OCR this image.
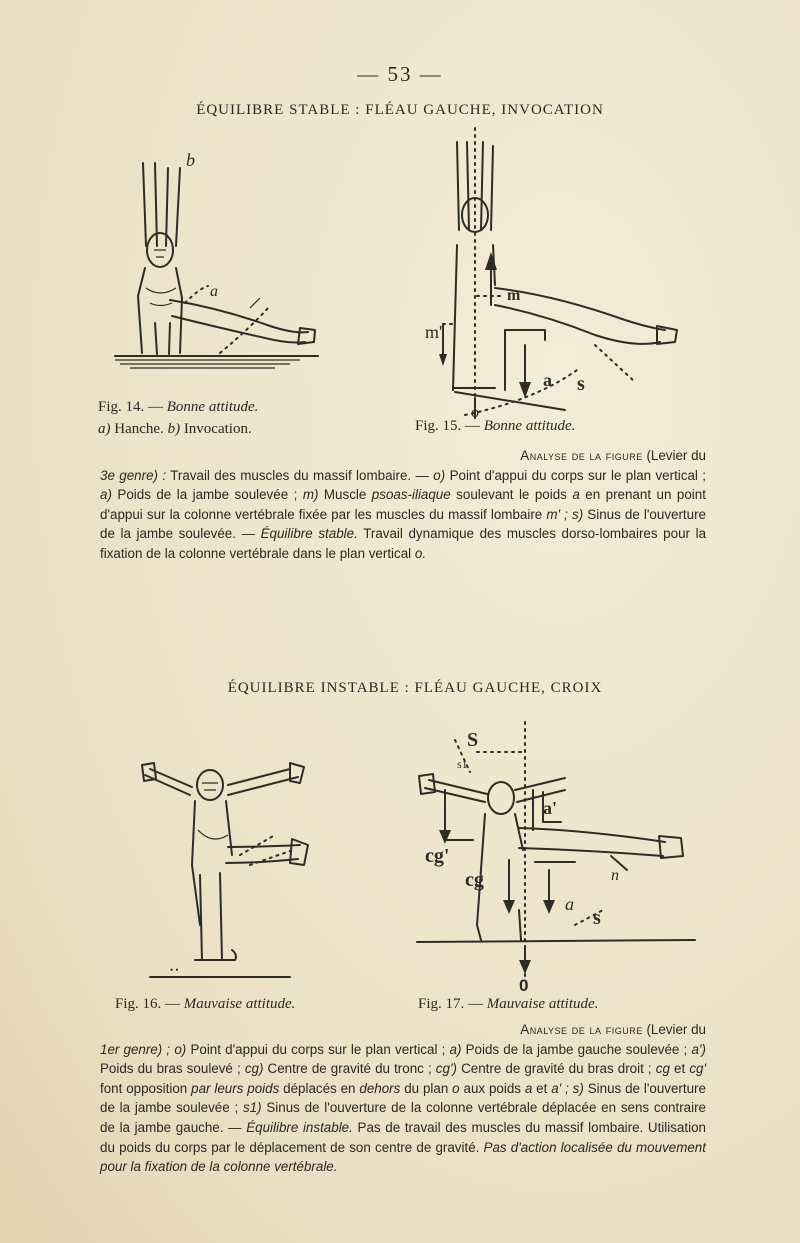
— 53 —
ÉQUILIBRE STABLE : FLÉAU GAUCHE, INVOCATION
a
b
Fig. 14. — Bonne attitude.
a) Hanche. b) Invocation.
m
m'
a s
o
Fig. 15. — Bonne attitude.
Analyse de la figure (Levier du
3e genre) : Travail des muscles du massif lombaire. — o) Point d'appui du corps sur le plan vertical ; a) Poids de la jambe soulevée ; m) Muscle psoas-iliaque soulevant le poids a en prenant un point d'appui sur la colonne vertébrale fixée par les muscles du massif lombaire m' ; s) Sinus de l'ouverture de la jambe soulevée. — Équilibre stable. Travail dynamique des muscles dorso-lombaires pour la fixation de la colonne vertébrale dans le plan vertical o.
ÉQUILIBRE INSTABLE : FLÉAU GAUCHE, CROIX
• •
Fig. 16. — Mauvaise attitude.
S
s1
cg'
a'
cg
a
s
n
0
Fig. 17. — Mauvaise attitude.
Analyse de la figure (Levier du
1er genre) ; o) Point d'appui du corps sur le plan vertical ; a) Poids de la jambe gauche soulevée ; a') Poids du bras soulevé ; cg) Centre de gravité du tronc ; cg') Centre de gravité du bras droit ; cg et cg' font opposition par leurs poids déplacés en dehors du plan o aux poids a et a' ; s) Sinus de l'ouverture de la jambe soulevée ; s1) Sinus de l'ouverture de la colonne vertébrale déplacée en sens contraire de la jambe gauche. — Équilibre instable. Pas de travail des muscles du massif lombaire. Utilisation du poids du corps par le déplacement de son centre de gravité. Pas d'action localisée du mouvement pour la fixation de la colonne vertébrale.
